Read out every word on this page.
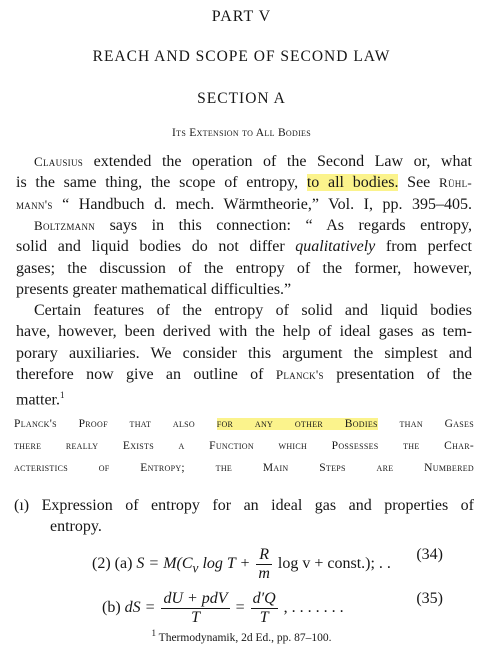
PART V
REACH AND SCOPE OF SECOND LAW
SECTION A
Its Extension to All Bodies

Clausius extended the operation of the Second Law or, what

is the same thing, the scope of entropy, to all bodies. See Rühl-
mann's “ Handbuch d. mech. Wärmtheorie,” Vol. I, pp. 395–405.
Boltzmann says in this connection: “ As regards entropy,
solid and liquid bodies do not differ qualitatively from perfect
gases; the discussion of the entropy of the former, however,
presents greater mathematical difficulties.”
Certain features of the entropy of solid and liquid bodies
have, however, been derived with the help of ideal gases as tem-
porary auxiliaries. We consider this argument the simplest and
therefore now give an outline of Planck's presentation of the
matter.$^1$
Planck's Proof that also for any other Bodies than Gases
there really Exists a Function which Possesses the Char-
acteristics of Entropy; the Main Steps are Numbered
(ı) Expression of entropy for an ideal gas and properties of
entropy.
(2) (a) $S = M(C_v$ $\log T + \frac{R}{m}$ log v + const.); . .
(34)
(b) dS = $\frac{\text{dU + pdV}}{T} = \frac{d'Q}{T}$ , . . . . . . .
(35)
$^1$ Thermodynamik, 2d Ed., pp. 87–100.
